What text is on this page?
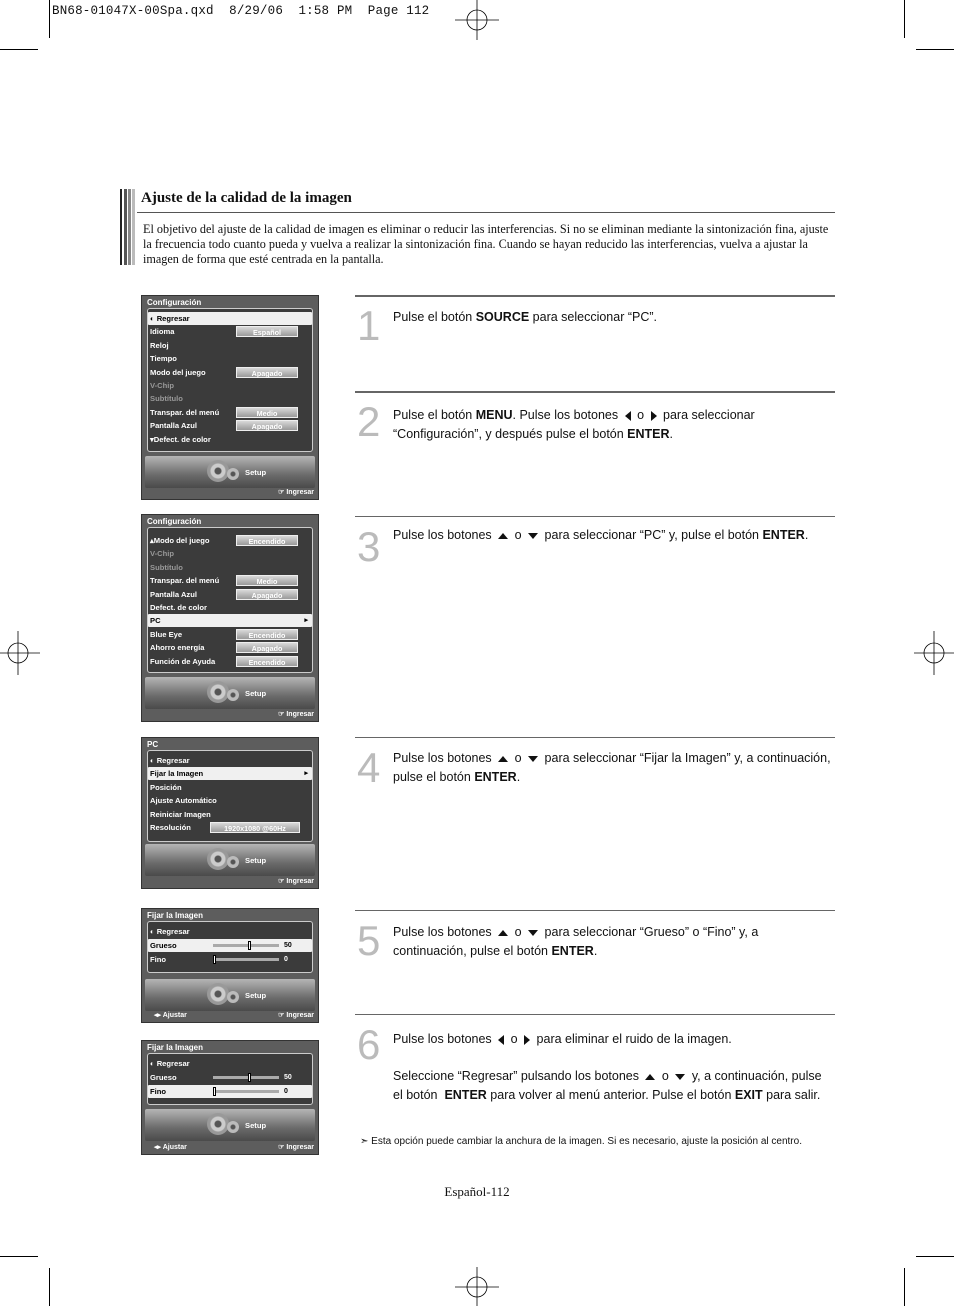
BN68-01047X-00Spa.qxd  8/29/06  1:58 PM  Page 112
Ajuste de la calidad de la imagen
El objetivo del ajuste de la calidad de imagen es eliminar o reducir las interferencias. Si no se eliminan mediante la sintonización fina, ajuste la frecuencia todo cuanto pueda y vuelva a realizar la sintonización fina. Cuando se hayan reducido las interferencias, vuelva a ajustar la imagen de forma que esté centrada en la pantalla.
Configuración
◐ Regresar
Idioma	Español
Reloj
Tiempo
Modo del juego	Apagado
V-Chip
Subtítulo
Transpar. del menú	Medio
Pantalla Azul	Apagado
▾Defect. de color
Setup
☞ Ingresar
Configuración
▴Modo del juego	Encendido
V-Chip
Subtítulo
Transpar. del menú	Medio
Pantalla Azul	Apagado
Defect. de color
PC	▸
Blue Eye	Encendido
Ahorro energía	Apagado
Función de Ayuda	Encendido
Setup
☞ Ingresar
PC
◐ Regresar
Fijar la Imagen	▸
Posición
Ajuste Automático
Reiniciar Imagen
Resolución	1920x1080 @60Hz
Setup
☞ Ingresar
Fijar la Imagen
◐ Regresar
Grueso	50
Fino	0
Setup
◂▸ Ajustar	☞ Ingresar
Fijar la Imagen
◐ Regresar
Grueso	50
Fino	0
Setup
◂▸ Ajustar	☞ Ingresar
1 Pulse el botón SOURCE para seleccionar “PC”.
2 Pulse el botón MENU. Pulse los botones  o  para seleccionar “Configuración”, y después pulse el botón ENTER.
3 Pulse los botones  o  para seleccionar “PC” y, pulse el botón ENTER.
4 Pulse los botones  o  para seleccionar “Fijar la Imagen” y, a continuación, pulse el botón ENTER.
5 Pulse los botones  o  para seleccionar “Grueso” o “Fino” y, a continuación, pulse el botón ENTER.
6 Pulse los botones  o  para eliminar el ruido de la imagen.

Seleccione “Regresar” pulsando los botones  o  y, a continuación, pulse el botón  ENTER para volver al menú anterior. Pulse el botón EXIT para salir.
➣ Esta opción puede cambiar la anchura de la imagen. Si es necesario, ajuste la posición al centro.
Español-112
